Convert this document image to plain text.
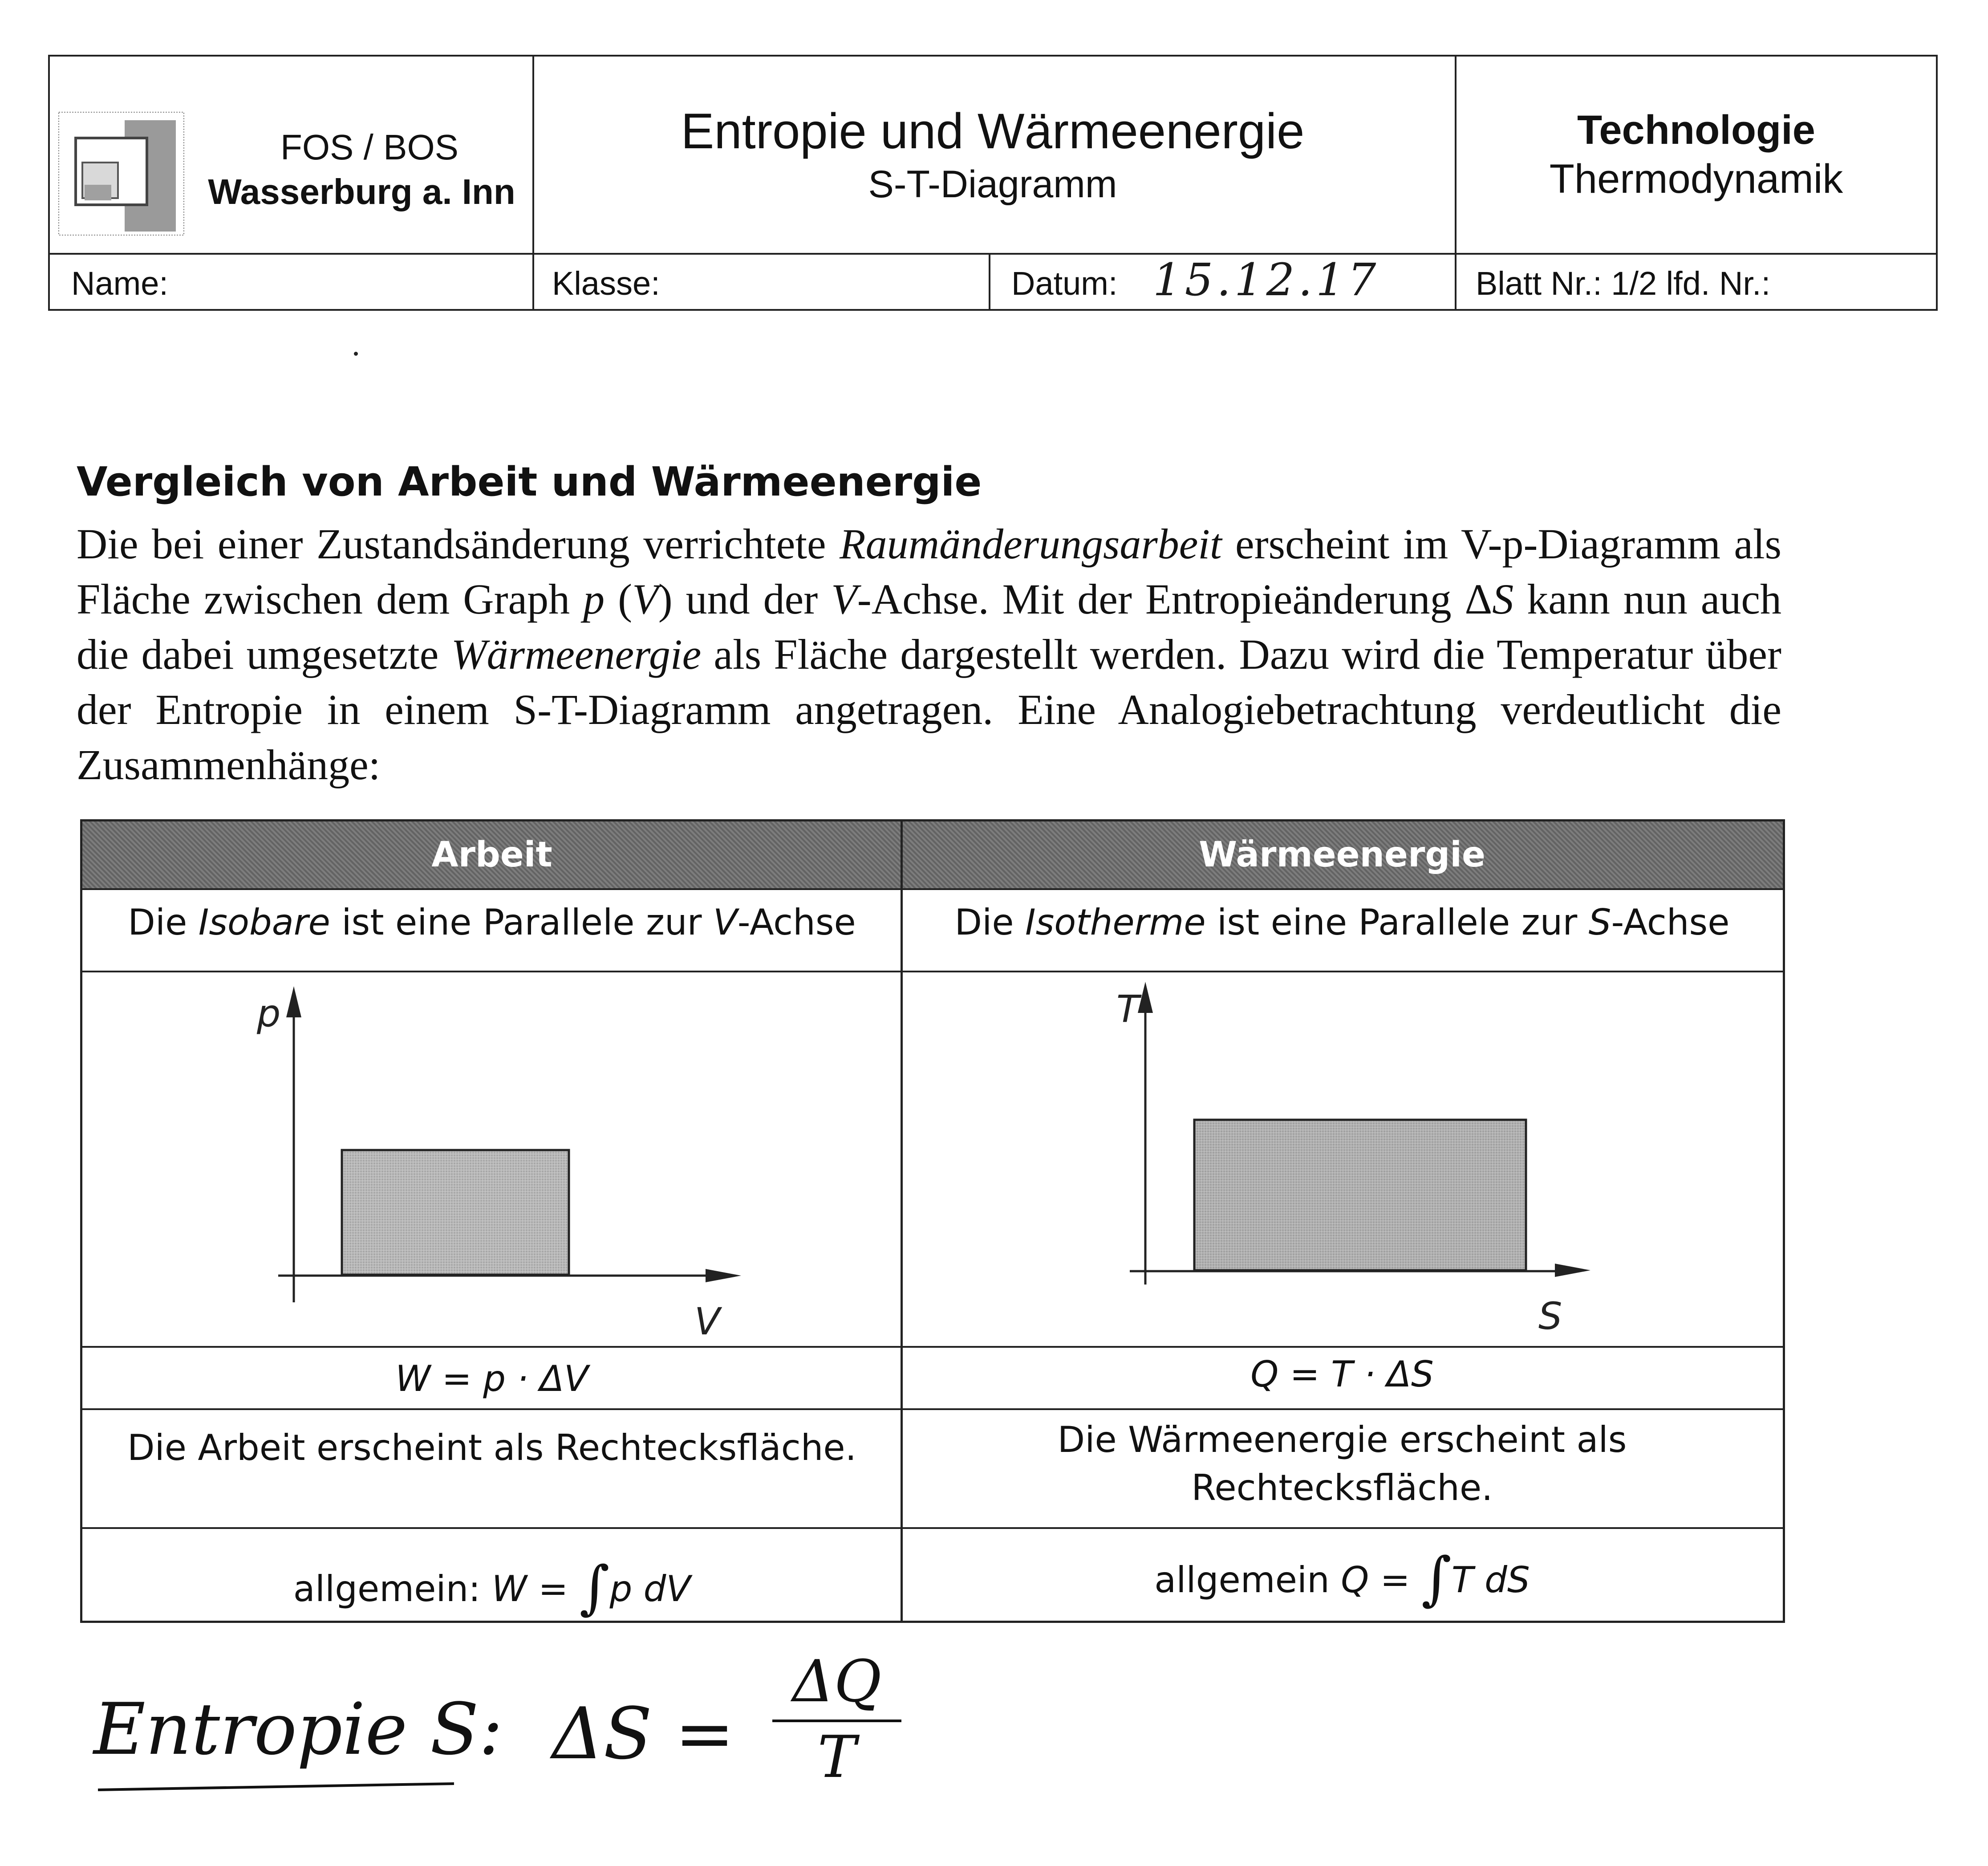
FOS / BOS
Wasserburg a. Inn
Entropie und Wärmeenergie
S-T-Diagramm
Technologie
Thermodynamik
Name:	Klasse:	Datum: 15.12.17	Blatt Nr.: 1/2 lfd. Nr.:
Vergleich von Arbeit und Wärmeenergie
Die bei einer Zustandsänderung verrichtete Raumänderungsarbeit erscheint im V-p-Diagramm als Fläche zwischen dem Graph p (V) und der V-Achse. Mit der Entropieänderung ΔS kann nun auch die dabei umgesetzte Wärmeenergie als Fläche dargestellt werden. Dazu wird die Temperatur über der Entropie in einem S-T-Diagramm angetragen. Eine Analogiebetrachtung verdeutlicht die Zusammenhänge:
Arbeit	Wärmeenergie
Die Isobare ist eine Parallele zur V-Achse	Die Isotherme ist eine Parallele zur S-Achse
p
V
T
S
W = p · ΔV	Q = T · ΔS
Die Arbeit erscheint als Rechtecksfläche.	Die Wärmeenergie erscheint als
Rechtecksfläche.
allgemein: W = ∫p dV	allgemein Q = ∫T dS
Entropie S: ΔS =
ΔQ
T
